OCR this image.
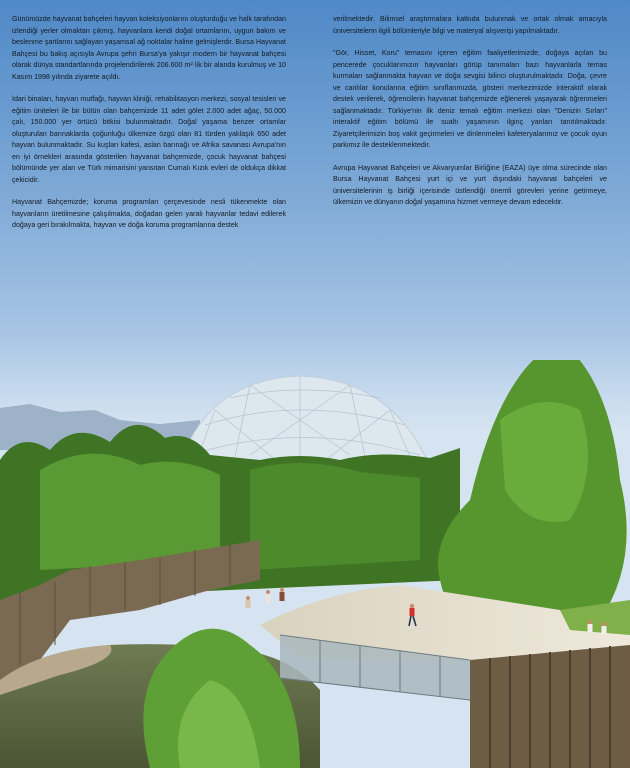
Günümüzde hayvanat bahçeleri hayvan koleksiyonlarını oluşturduğu ve halk tarafından izlendiği yerler olmaktan çıkmış, hayvanlara kendi doğal ortamlarını, uygun bakım ve beslenme şartlarını sağlayan yaşamsal ağ noktalar haline gelmişlerdir. Bursa Hayvanat Bahçesi bu bakış açısıyla Avrupa şehri Bursa'ya yakışır modern bir hayvanat bahçesi olarak dünya standartlarında projelendirilerek 206.600 m² lik bir alanda kurulmuş ve 10 Kasım 1998 yılında ziyarete açıldı.

İdari binaları, hayvan mutfağı, hayvan kliniği, rehabilitasyon merkezi, sosyal tesisleri ve eğitim üniteleri ile bir bütün olan bahçemizde 11 adet gölet 2.000 adet ağaç, 50.000 çalı, 150.000 yer örtücü bitkisi bulunmaktadır. Doğal yaşama benzer ortamlar oluşturulan barınaklarda çoğunluğu ülkemize özgü olan 81 türden yaklaşık 650 adet hayvan bulunmaktadır. Su kuşları kafesi, aslan barınağı ve Afrika savanası Avrupa'nın en iyi örnekleri arasında gösterilen hayvanat bahçemizde, çocuk hayvanat bahçesi bölümünde yer alan ve Türk mimarisini yansıtan Cumalı Kızık evleri de oldukça dikkat çekicidir.

Hayvanat Bahçemizde; koruma programları çerçevesinde nesli tükenmekte olan hayvanların üretilmesine çalışılmakta, doğadan gelen yaralı hayvanlar tedavi edilerek doğaya geri bırakılmakta, hayvan ve doğa koruma programlarına destek

verilmektedir. Bilimsel araştırmalara katkıda bulunmak ve ortak olmak amacıyla üniversitelerin ilgili bölümleriyle bilgi ve materyal alışverişi yapılmaktadır.

"Gör, Hisset, Koru" temasını içeren eğitim faaliyetlerimizde, doğaya açılan bu pencerede çocuklarımızın hayvanları görüp tanımaları bazı hayvanlarla temas kurmaları sağlanmakta hayvan ve doğa sevgisi bilinci oluşturulmaktadır. Doğa, çevre ve canlılar konularına eğitim sınıflarımızda, gösteri merkezimizde interaktif olarak destek verilerek, öğrencilerin hayvanat bahçemizde eğlenerek yaşayarak öğrenmeleri sağlanmaktadır. Türkiye'nin ilk deniz temalı eğitim merkezi olan "Denizin Sırları" interaktif eğitim bölümü ile sualtı yaşamının ilginç yanları tanıtılmaktadır. Ziyaretçilerimizin boş vakit geçirmeleri ve dinlenmeleri kafeteryalarımız ve çocuk oyun parkımız ile desteklenmektedir.

Avrupa Hayvanat Bahçeleri ve Akvaryumlar Birliğine (EAZA) üye olma sürecinde olan Bursa Hayvanat Bahçesi yurt içi ve yurt dışındaki hayvanat bahçeleri ve üniversitelerinin iş birliği içerisinde üstlendiği önemli görevleri yerine getirmeye, ülkemizin ve dünyanın doğal yaşamına hizmet vermeye devam edecektir.
